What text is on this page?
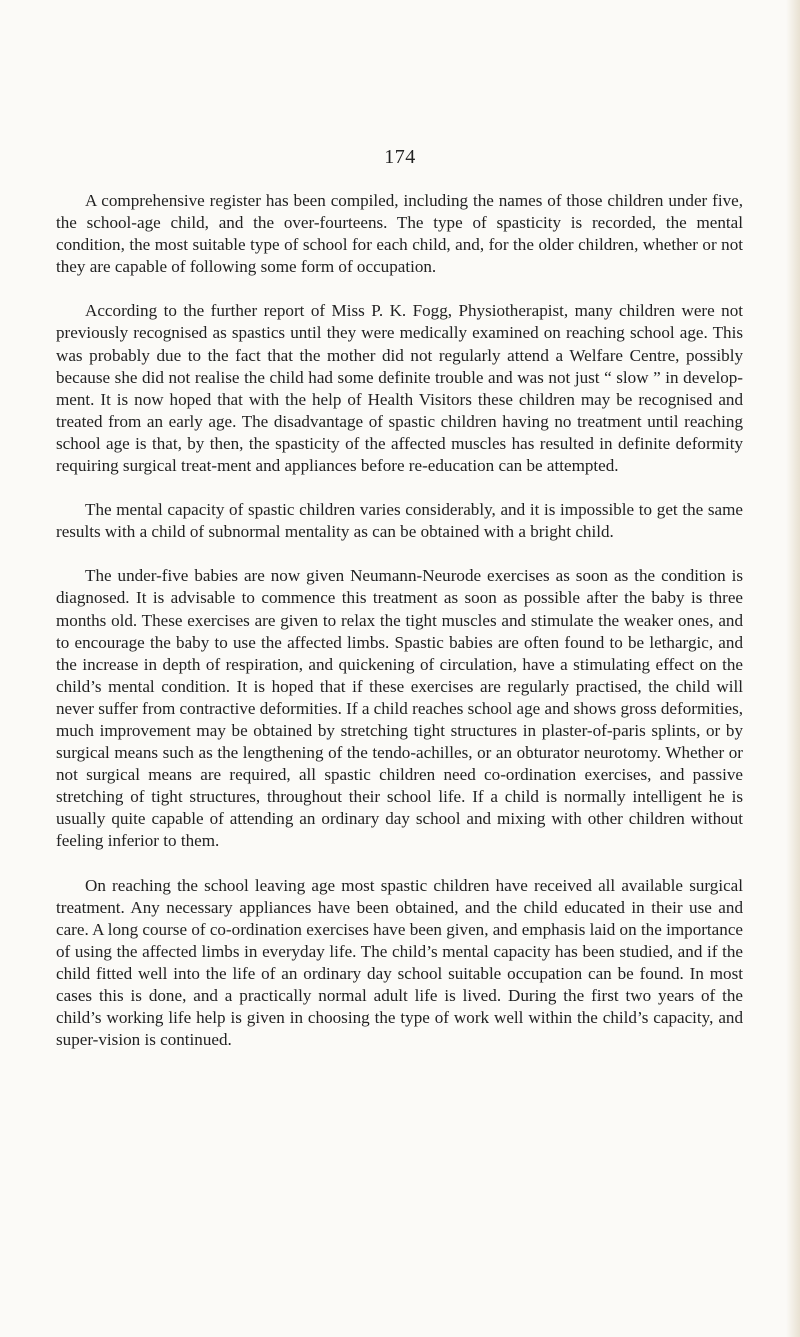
174

A comprehensive register has been compiled, including the names of those children under five, the school-age child, and the over-fourteens. The type of spasticity is recorded, the mental condition, the most suitable type of school for each child, and, for the older children, whether or not they are capable of following some form of occupation.

According to the further report of Miss P. K. Fogg, Physiotherapist, many children were not previously recognised as spastics until they were medically examined on reaching school age. This was probably due to the fact that the mother did not regularly attend a Welfare Centre, possibly because she did not realise the child had some definite trouble and was not just “ slow ” in develop-ment. It is now hoped that with the help of Health Visitors these children may be recognised and treated from an early age. The disadvantage of spastic children having no treatment until reaching school age is that, by then, the spasticity of the affected muscles has resulted in definite deformity requiring surgical treat-ment and appliances before re-education can be attempted.

The mental capacity of spastic children varies considerably, and it is impossible to get the same results with a child of subnormal mentality as can be obtained with a bright child.

The under-five babies are now given Neumann-Neurode exercises as soon as the condition is diagnosed. It is advisable to commence this treatment as soon as possible after the baby is three months old. These exercises are given to relax the tight muscles and stimulate the weaker ones, and to encourage the baby to use the affected limbs. Spastic babies are often found to be lethargic, and the increase in depth of respiration, and quickening of circulation, have a stimulating effect on the child’s mental condition. It is hoped that if these exercises are regularly practised, the child will never suffer from contractive deformities. If a child reaches school age and shows gross deformities, much improvement may be obtained by stretching tight structures in plaster-of-paris splints, or by surgical means such as the lengthening of the tendo-achilles, or an obturator neurotomy. Whether or not surgical means are required, all spastic children need co-ordination exercises, and passive stretching of tight structures, throughout their school life. If a child is normally intelligent he is usually quite capable of attending an ordinary day school and mixing with other children without feeling inferior to them.

On reaching the school leaving age most spastic children have received all available surgical treatment. Any necessary appliances have been obtained, and the child educated in their use and care. A long course of co-ordination exercises have been given, and emphasis laid on the importance of using the affected limbs in everyday life. The child’s mental capacity has been studied, and if the child fitted well into the life of an ordinary day school suitable occupation can be found. In most cases this is done, and a practically normal adult life is lived. During the first two years of the child’s working life help is given in choosing the type of work well within the child’s capacity, and super-vision is continued.
